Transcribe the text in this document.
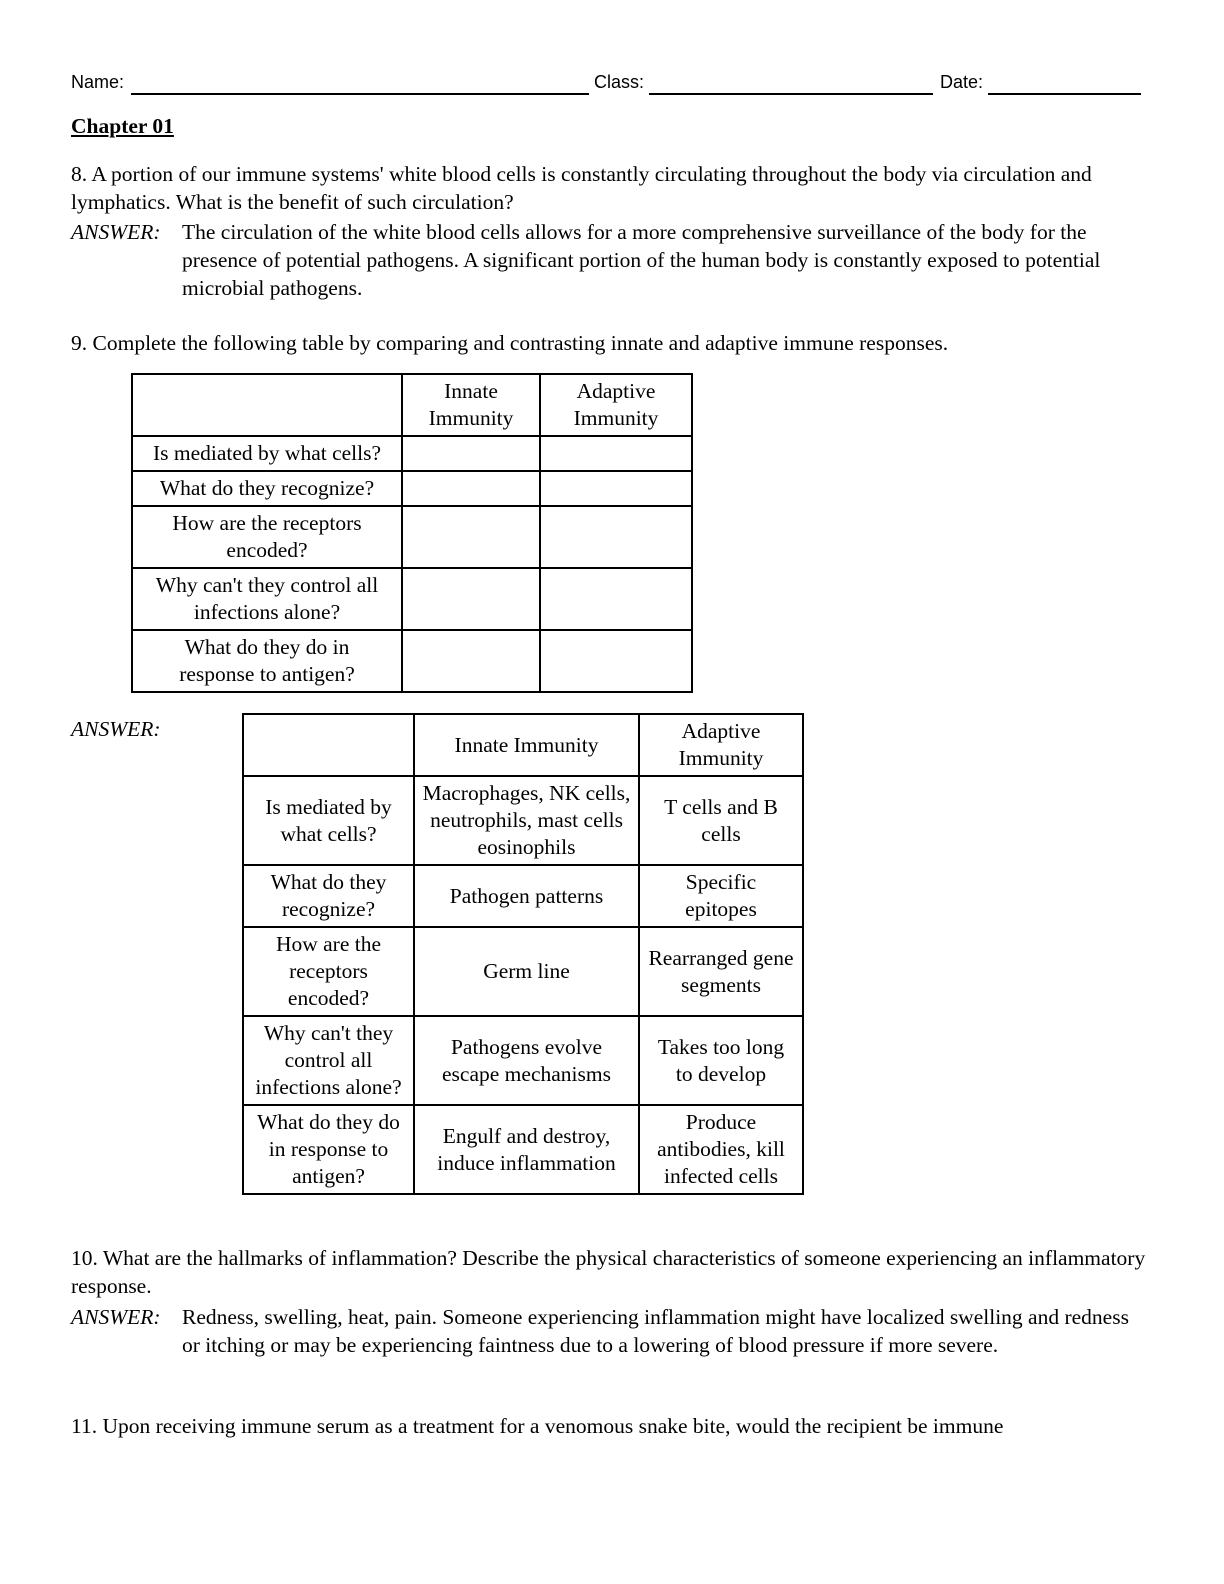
Name:	Class:	Date:
Chapter 01
8. A portion of our immune systems' white blood cells is constantly circulating throughout the body via circulation and lymphatics. What is the benefit of such circulation?
ANSWER: The circulation of the white blood cells allows for a more comprehensive surveillance of the body for the presence of potential pathogens. A significant portion of the human body is constantly exposed to potential microbial pathogens.
9. Complete the following table by comparing and contrasting innate and adaptive immune responses.
	Innate Immunity	Adaptive Immunity
Is mediated by what cells?		
What do they recognize?		
How are the receptors encoded?		
Why can't they control all infections alone?		
What do they do in response to antigen?		
ANSWER:
	Innate Immunity	Adaptive Immunity
Is mediated by what cells?	Macrophages, NK cells, neutrophils, mast cells eosinophils	T cells and B cells
What do they recognize?	Pathogen patterns	Specific epitopes
How are the receptors encoded?	Germ line	Rearranged gene segments
Why can't they control all infections alone?	Pathogens evolve escape mechanisms	Takes too long to develop
What do they do in response to antigen?	Engulf and destroy, induce inflammation	Produce antibodies, kill infected cells
10. What are the hallmarks of inflammation? Describe the physical characteristics of someone experiencing an inflammatory response.
ANSWER: Redness, swelling, heat, pain. Someone experiencing inflammation might have localized swelling and redness or itching or may be experiencing faintness due to a lowering of blood pressure if more severe.
11. Upon receiving immune serum as a treatment for a venomous snake bite, would the recipient be immune
